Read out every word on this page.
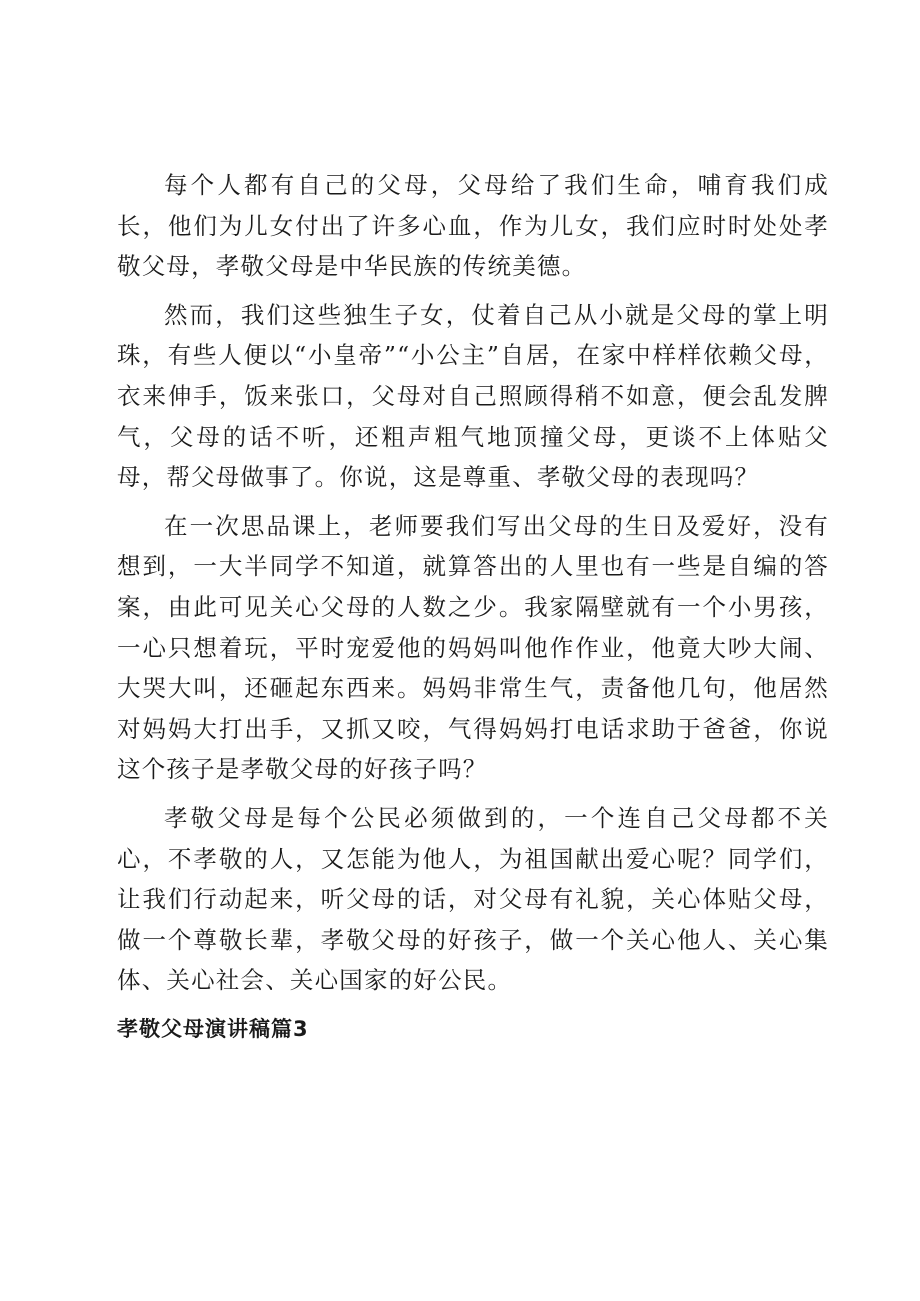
每个人都有自己的父母，父母给了我们生命，哺育我们成长，他们为儿女付出了许多心血，作为儿女，我们应时时处处孝敬父母，孝敬父母是中华民族的传统美德。

然而，我们这些独生子女，仗着自己从小就是父母的掌上明珠，有些人便以“小皇帝”“小公主”自居，在家中样样依赖父母，衣来伸手，饭来张口，父母对自己照顾得稍不如意，便会乱发脾气，父母的话不听，还粗声粗气地顶撞父母，更谈不上体贴父母，帮父母做事了。你说，这是尊重、孝敬父母的表现吗？

在一次思品课上，老师要我们写出父母的生日及爱好，没有想到，一大半同学不知道，就算答出的人里也有一些是自编的答案，由此可见关心父母的人数之少。我家隔壁就有一个小男孩，一心只想着玩，平时宠爱他的妈妈叫他作作业，他竟大吵大闹、大哭大叫，还砸起东西来。妈妈非常生气，责备他几句，他居然对妈妈大打出手，又抓又咬，气得妈妈打电话求助于爸爸，你说这个孩子是孝敬父母的好孩子吗？

孝敬父母是每个公民必须做到的，一个连自己父母都不关心，不孝敬的人，又怎能为他人，为祖国献出爱心呢？同学们，让我们行动起来，听父母的话，对父母有礼貌，关心体贴父母，做一个尊敬长辈，孝敬父母的好孩子，做一个关心他人、关心集体、关心社会、关心国家的好公民。

孝敬父母演讲稿篇3
